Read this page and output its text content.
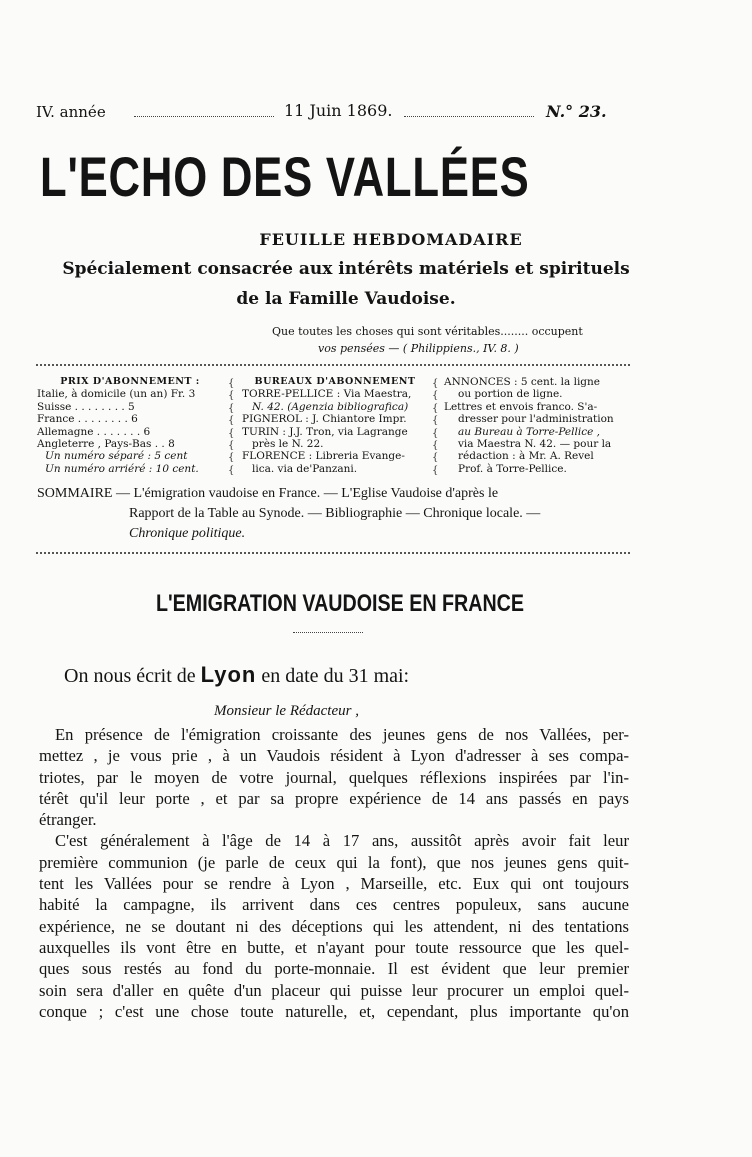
IV. année	11 Juin 1869.	N.° 23.
L'ECHO DES VALLÉES
FEUILLE HEBDOMADAIRE
Spécialement consacrée aux intérêts matériels et spirituels
de la Famille Vaudoise.
Que toutes les choses qui sont véritables........ occupent
vos pensées — ( Philippiens., IV. 8. )
PRIX D'ABONNEMENT :
Italie, à domicile (un an) Fr. 3
Suisse . . . . . . . . 5
France . . . . . . . . 6
Allemagne . . . . . . . 6
Angleterre , Pays-Bas . . 8
Un numéro séparé : 5 cent
Un numéro arriéré : 10 cent.
{
{
{
{
{
{
{
{
BUREAUX D'ABONNEMENT
TORRE-PELLICE : Via Maestra,
N. 42. (Agenzia bibliografica)
PIGNEROL : J. Chiantore Impr.
TURIN : J.J. Tron, via Lagrange
près le N. 22.
FLORENCE : Libreria Evange-
lica. via de'Panzani.
{
{
{
{
{
{
{
{
ANNONCES : 5 cent. la ligne
ou portion de ligne.
Lettres et envois franco. S'a-
dresser pour l'administration
au Bureau à Torre-Pellice ,
via Maestra N. 42. — pour la
rédaction : à Mr. A. Revel
Prof. à Torre-Pellice.
SOMMAIRE — L'émigration vaudoise en France. — L'Eglise Vaudoise d'après le
Rapport de la Table au Synode. — Bibliographie — Chronique locale. —
Chronique politique.
L'EMIGRATION VAUDOISE EN FRANCE
On nous écrit de Lyon en date du 31 mai:
Monsieur le Rédacteur ,
En présence de l'émigration croissante des jeunes gens de nos Vallées, per-
mettez , je vous prie , à un Vaudois résident à Lyon d'adresser à ses compa-
triotes, par le moyen de votre journal, quelques réflexions inspirées par l'in-
térêt qu'il leur porte , et par sa propre expérience de 14 ans passés en pays
étranger.
C'est généralement à l'âge de 14 à 17 ans, aussitôt après avoir fait leur
première communion (je parle de ceux qui la font), que nos jeunes gens quit-
tent les Vallées pour se rendre à Lyon , Marseille, etc. Eux qui ont toujours
habité la campagne, ils arrivent dans ces centres populeux, sans aucune
expérience, ne se doutant ni des déceptions qui les attendent, ni des tentations
auxquelles ils vont être en butte, et n'ayant pour toute ressource que les quel-
ques sous restés au fond du porte-monnaie. Il est évident que leur premier
soin sera d'aller en quête d'un placeur qui puisse leur procurer un emploi quel-
conque ; c'est une chose toute naturelle, et, cependant, plus importante qu'on
